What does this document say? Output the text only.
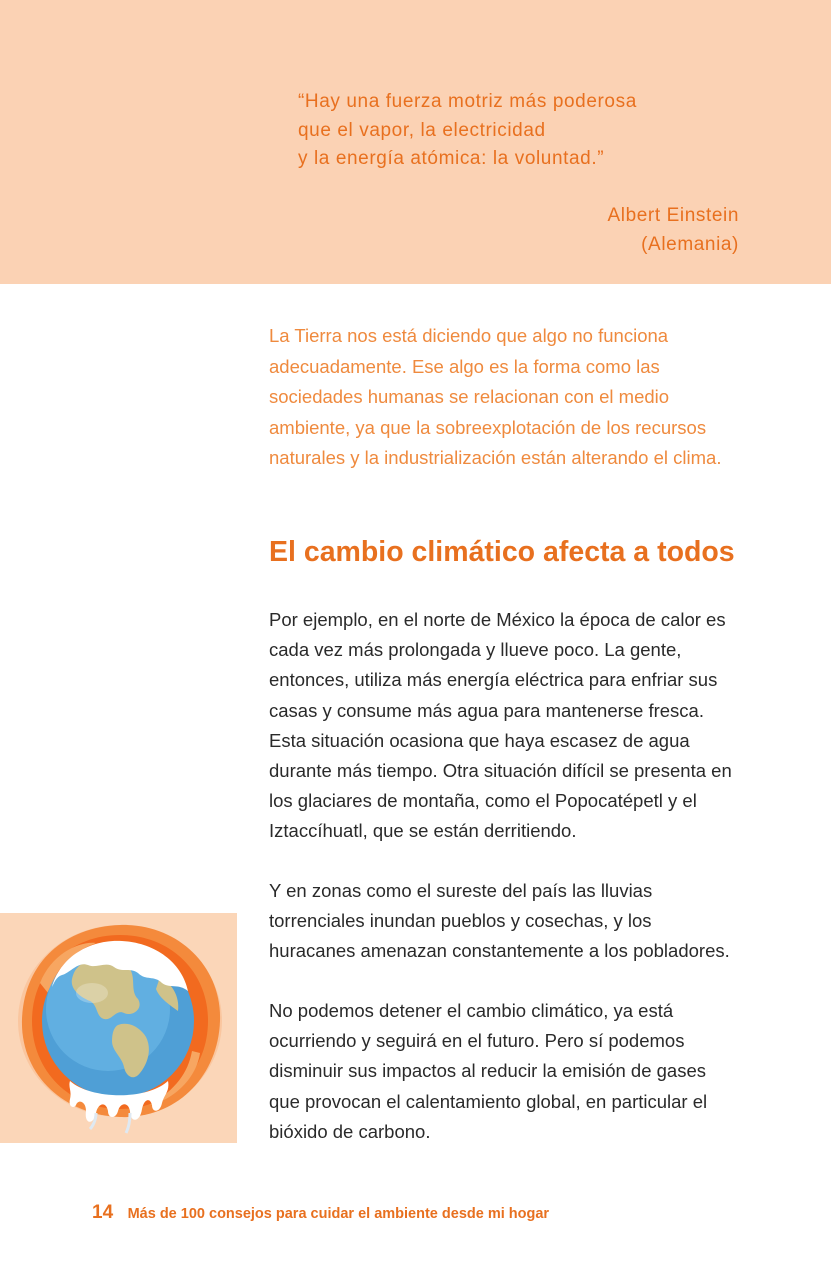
“Hay una fuerza motriz más poderosa
que el vapor, la electricidad
y la energía atómica: la voluntad.”
Albert Einstein
(Alemania)

La Tierra nos está diciendo que algo no funciona adecuadamente. Ese algo es la forma como las sociedades humanas se relacionan con el medio ambiente, ya que la sobreexplotación de los recursos naturales y la industrialización están alterando el clima.

El cambio climático afecta a todos

Por ejemplo, en el norte de México la época de calor es cada vez más prolongada y llueve poco. La gente, entonces, utiliza más energía eléctrica para enfriar sus casas y consume más agua para mantenerse fresca. Esta situación ocasiona que haya escasez de agua durante más tiempo. Otra situación difícil se presenta en los glaciares de montaña, como el Popocatépetl y el Iztaccíhuatl, que se están derritiendo.

Y en zonas como el sureste del país las lluvias torrenciales inundan pueblos y cosechas, y los huracanes amenazan constantemente a los pobladores.

No podemos detener el cambio climático, ya está ocurriendo y seguirá en el futuro. Pero sí podemos disminuir sus impactos al reducir la emisión de gases que provocan el calentamiento global, en particular el bióxido de carbono.

14 Más de 100 consejos para cuidar el ambiente desde mi hogar
